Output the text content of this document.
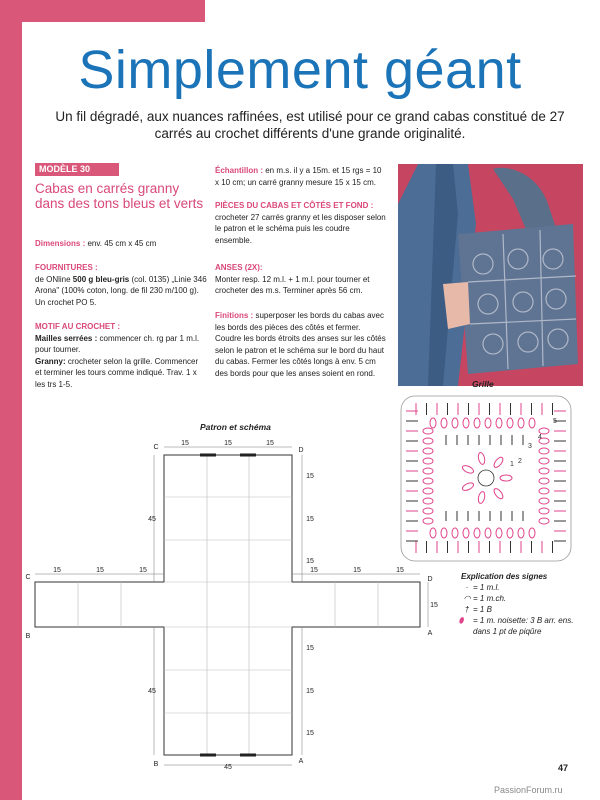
Simplement géant
Un fil dégradé, aux nuances raffinées, est utilisé pour ce grand cabas constitué de 27 carrés au crochet différents d'une grande originalité.
MODÈLE 30
Cabas en carrés granny dans des tons bleus et verts
Dimensions : env. 45 cm x 45 cm
FOURNITURES :
de ONline 500 g bleu-gris (col. 0135) „Linie 346 Arona" (100% coton, long. de fil 230 m/100 g). Un crochet PO 5.
MOTIF AU CROCHET :
Mailles serrées : commencer ch. rg par 1 m.l. pour tourner.
Granny: crocheter selon la grille. Commencer et terminer les tours comme indiqué. Trav. 1 x les trs 1-5.
Échantillon : en m.s. il y a 15m. et 15 rgs = 10 x 10 cm; un carré granny mesure 15 x 15 cm.
PIÈCES DU CABAS ET CÔTÉS ET FOND :
crocheter 27 carrés granny et les disposer selon le patron et le schéma puis les coudre ensemble.
ANSES (2X):
Monter resp. 12 m.l. + 1 m.l. pour tourner et crocheter des m.s. Terminer après 56 cm.
Finitions : superposer les bords du cabas avec les bords des pièces des côtés et fermer. Coudre les bords étroits des anses sur les côtés selon le patron et le schéma sur le bord du haut du cabas. Fermer les côtés longs à env. 5 cm des bords pour que les anses soient en rond.
Grille
1 2
3
4
5
Explication des signes
· = 1 m.l.
◠ = 1 m.ch.
† = 1 B
⬮ = 1 m. noisette: 3 B arr. ens. dans 1 pt de piqûre
Patron et schéma
15	15	15
15	15	15	15	15	15
15
15
15
15
15
15
15
45
45
45
C	D
C	D
B	A
B	A
47
PassionForum.ru
